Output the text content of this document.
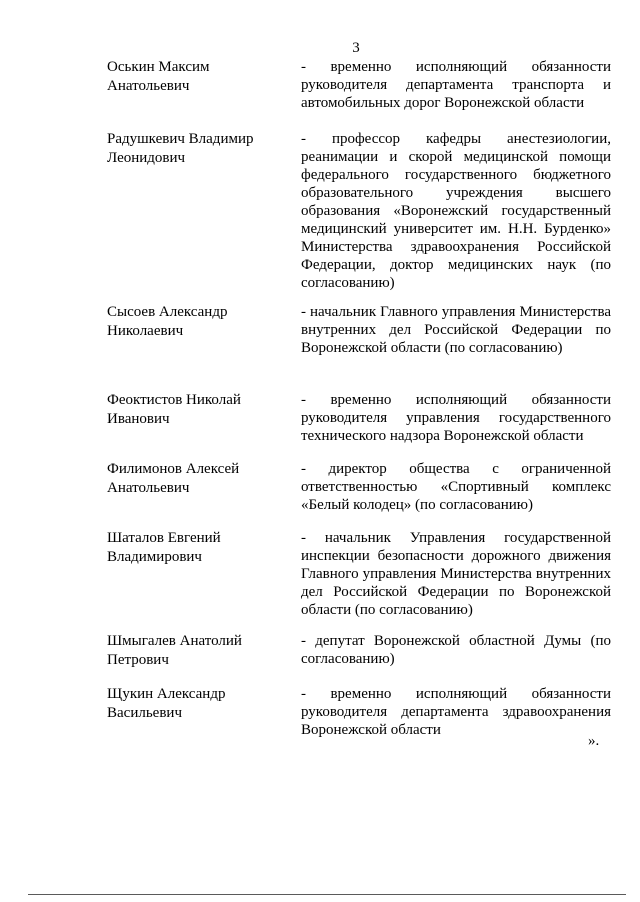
3
Оськин Максим
Анатольевич
- временно исполняющий обязанности руководителя департамента транспорта и автомобильных дорог Воронежской области
Радушкевич Владимир
Леонидович
- профессор кафедры анестезиологии, реанимации и скорой медицинской помощи федерального государственного бюджетного образовательного учреждения высшего образования «Воронежский государственный медицинский университет им. Н.Н. Бурденко» Министерства здравоохранения Российской Федерации, доктор медицинских наук (по согласованию)
Сысоев Александр
Николаевич
- начальник Главного управления Министерства внутренних дел Российской Федерации по Воронежской области (по согласованию)
Феоктистов Николай
Иванович
- временно исполняющий обязанности руководителя управления государственного технического надзора Воронежской области
Филимонов Алексей
Анатольевич
- директор общества с ограниченной ответственностью «Спортивный комплекс «Белый колодец» (по согласованию)
Шаталов Евгений
Владимирович
- начальник Управления государственной инспекции безопасности дорожного движения Главного управления Министерства внутренних дел Российской Федерации по Воронежской области (по согласованию)
Шмыгалев Анатолий
Петрович
- депутат Воронежской областной Думы (по согласованию)
Щукин Александр
Васильевич
- временно исполняющий обязанности руководителя департамента здравоохранения Воронежской области
».
